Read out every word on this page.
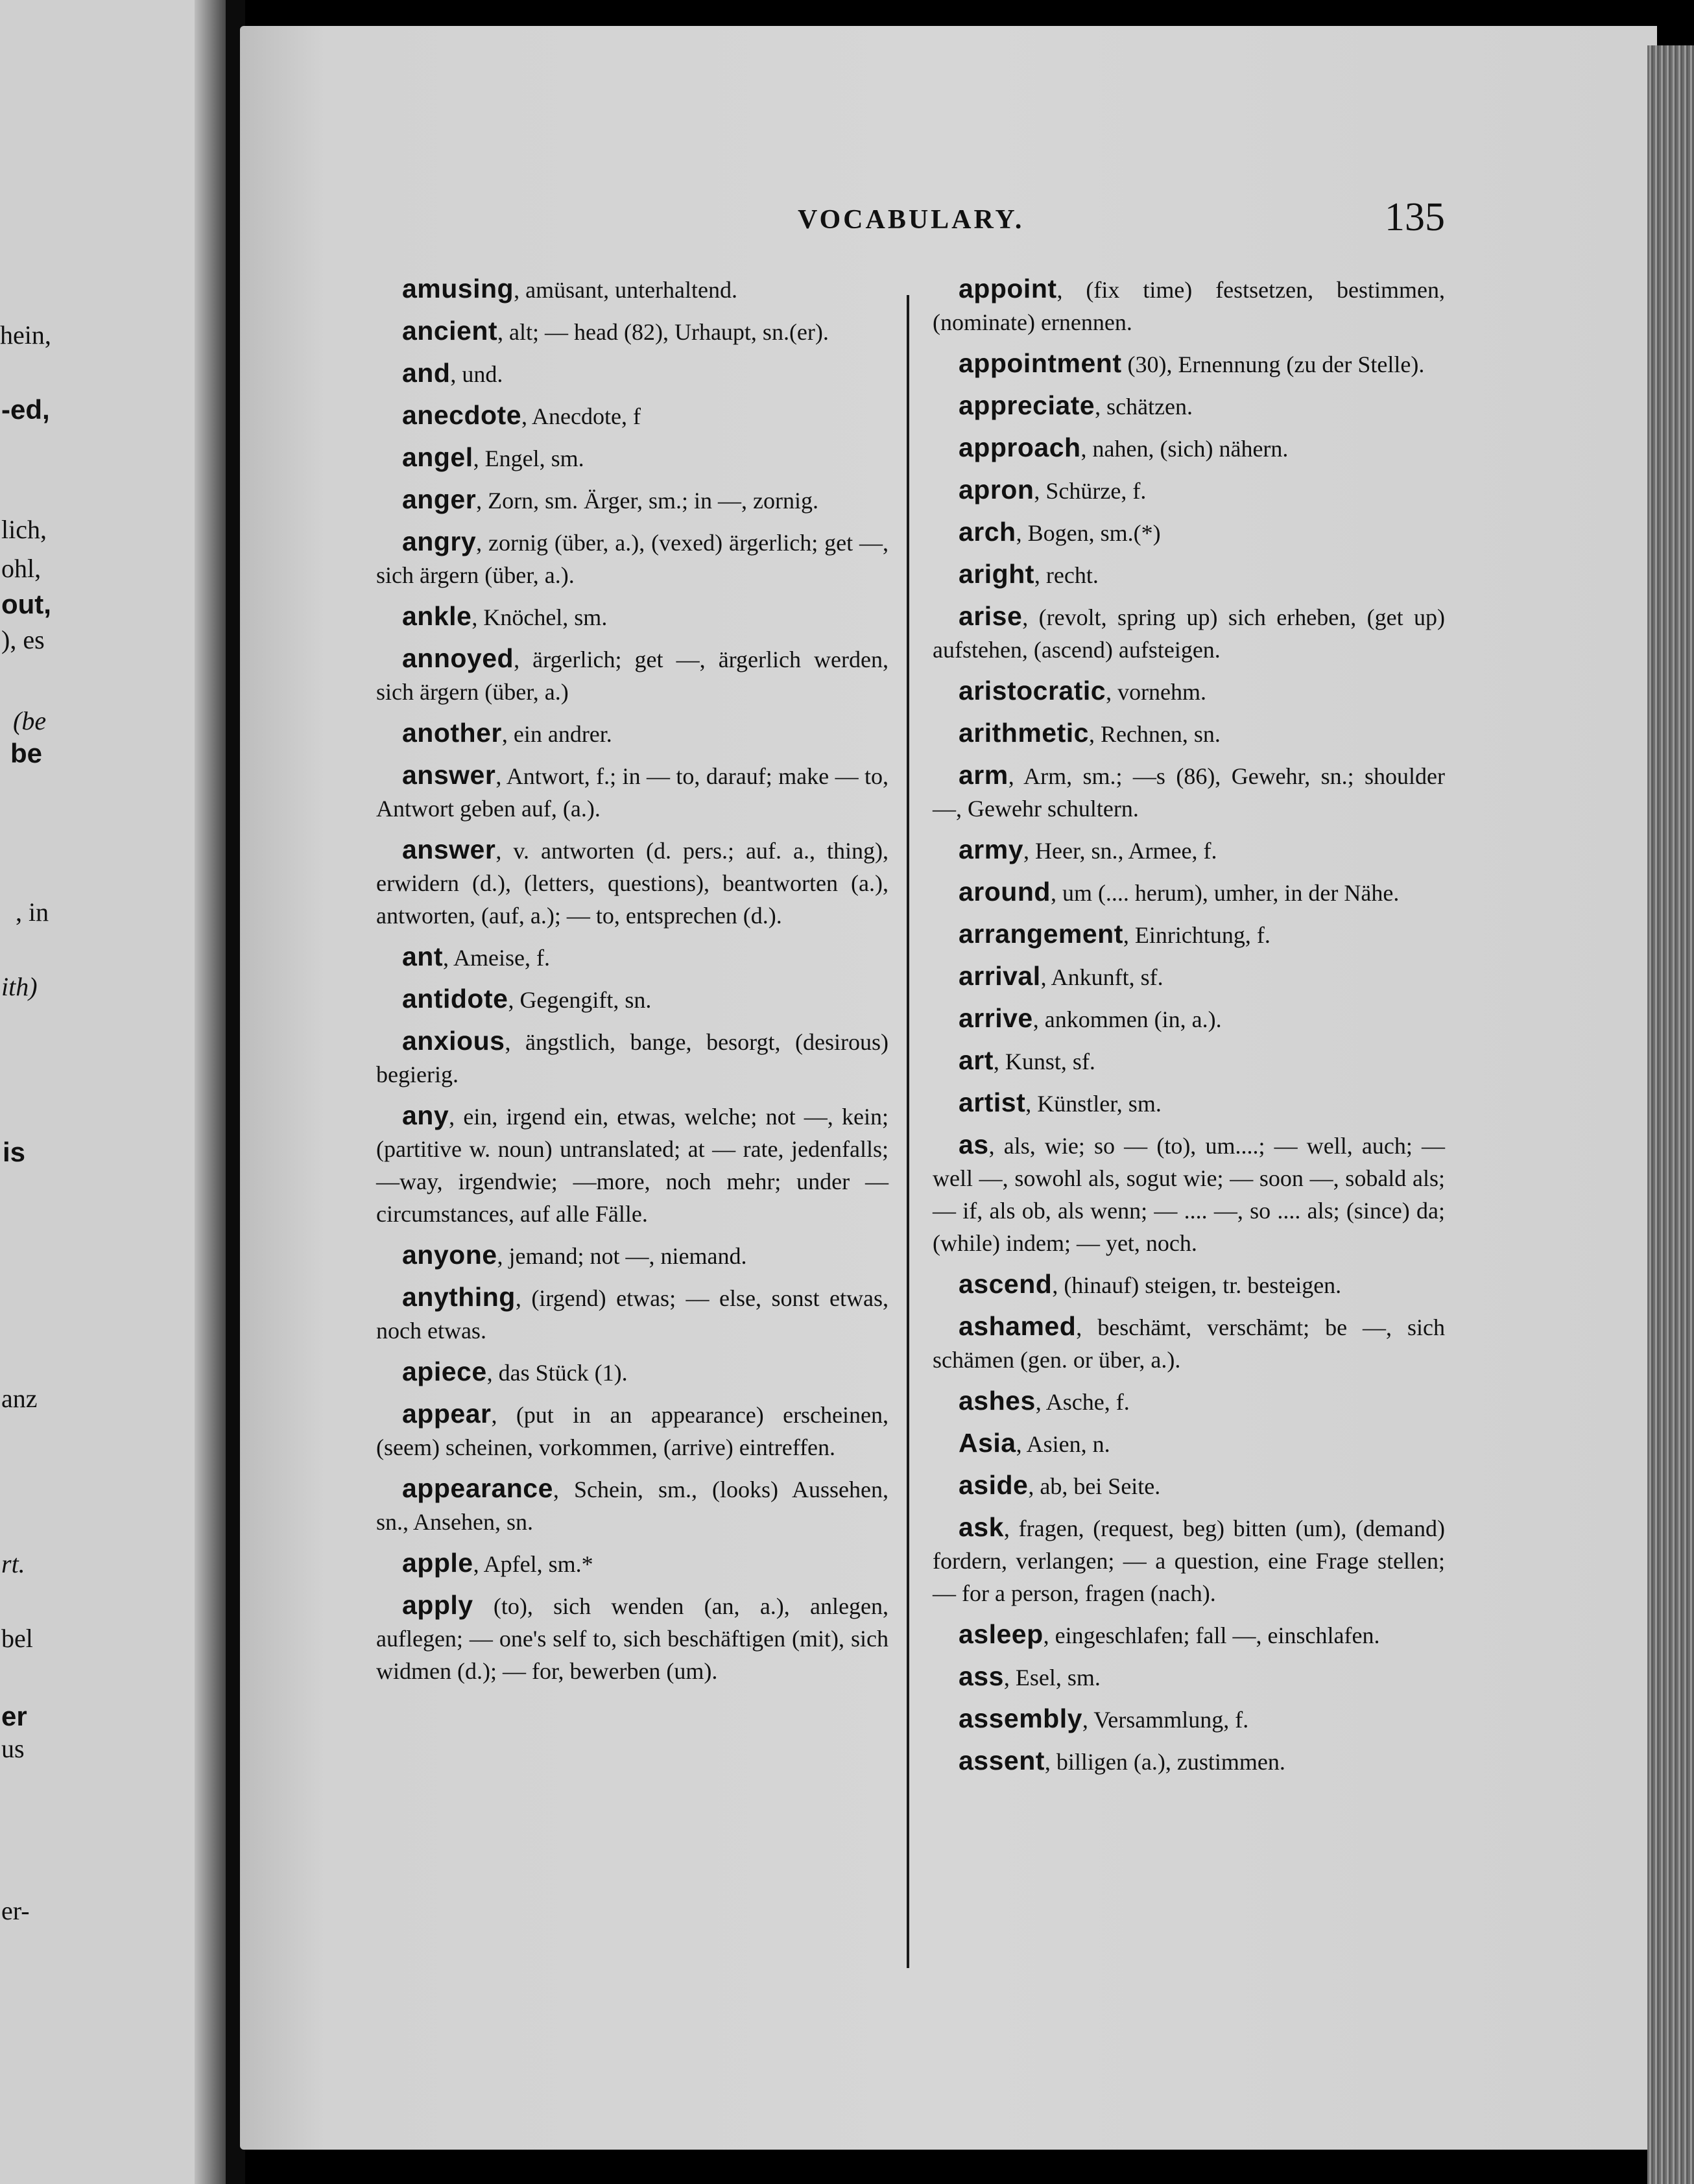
hein,
-ed,
lich,
ohl,
out,
), es
(be
be
, in
ith)
is
anz
rt.
bel
er
us
er-
VOCABULARY.	135

amusing, amüsant, unterhaltend.

ancient, alt; — head (82), Urhaupt, sn.(er).

and, und.

anecdote, Anecdote, f

angel, Engel, sm.

anger, Zorn, sm. Ärger, sm.; in —, zornig.

angry, zornig (über, a.), (vexed) ärgerlich; get —, sich ärgern (über, a.).

ankle, Knöchel, sm.

annoyed, ärgerlich; get —, ärgerlich werden, sich ärgern (über, a.)

another, ein andrer.

answer, Antwort, f.; in — to, darauf; make — to, Antwort geben auf, (a.).

answer, v. antworten (d. pers.; auf. a., thing), erwidern (d.), (letters, questions), beantworten (a.), antworten, (auf, a.); — to, entsprechen (d.).

ant, Ameise, f.

antidote, Gegengift, sn.

anxious, ängstlich, bange, besorgt, (desirous) begierig.

any, ein, irgend ein, etwas, welche; not —, kein; (partitive w. noun) untranslated; at — rate, jedenfalls; —way, irgendwie; —more, noch mehr; under — circumstances, auf alle Fälle.

anyone, jemand; not —, niemand.

anything, (irgend) etwas; — else, sonst etwas, noch etwas.

apiece, das Stück (1).

appear, (put in an appearance) erscheinen, (seem) scheinen, vorkommen, (arrive) eintreffen.

appearance, Schein, sm., (looks) Aussehen, sn., Ansehen, sn.

apple, Apfel, sm.*

apply (to), sich wenden (an, a.), anlegen, auflegen; — one's self to, sich beschäftigen (mit), sich widmen (d.); — for, bewerben (um).

appoint, (fix time) festsetzen, bestimmen, (nominate) ernennen.

appointment (30), Ernennung (zu der Stelle).

appreciate, schätzen.

approach, nahen, (sich) nähern.

apron, Schürze, f.

arch, Bogen, sm.(*)

aright, recht.

arise, (revolt, spring up) sich erheben, (get up) aufstehen, (ascend) aufsteigen.

aristocratic, vornehm.

arithmetic, Rechnen, sn.

arm, Arm, sm.; —s (86), Gewehr, sn.; shoulder —, Gewehr schultern.

army, Heer, sn., Armee, f.

around, um (.... herum), umher, in der Nähe.

arrangement, Einrichtung, f.

arrival, Ankunft, sf.

arrive, ankommen (in, a.).

art, Kunst, sf.

artist, Künstler, sm.

as, als, wie; so — (to), um....; — well, auch; — well —, sowohl als, sogut wie; — soon —, sobald als; — if, als ob, als wenn; — .... —, so .... als; (since) da; (while) indem; — yet, noch.

ascend, (hinauf) steigen, tr. besteigen.

ashamed, beschämt, verschämt; be —, sich schämen (gen. or über, a.).

ashes, Asche, f.

Asia, Asien, n.

aside, ab, bei Seite.

ask, fragen, (request, beg) bitten (um), (demand) fordern, verlangen; — a question, eine Frage stellen; — for a person, fragen (nach).

asleep, eingeschlafen; fall —, einschlafen.

ass, Esel, sm.

assembly, Versammlung, f.

assent, billigen (a.), zustimmen.
